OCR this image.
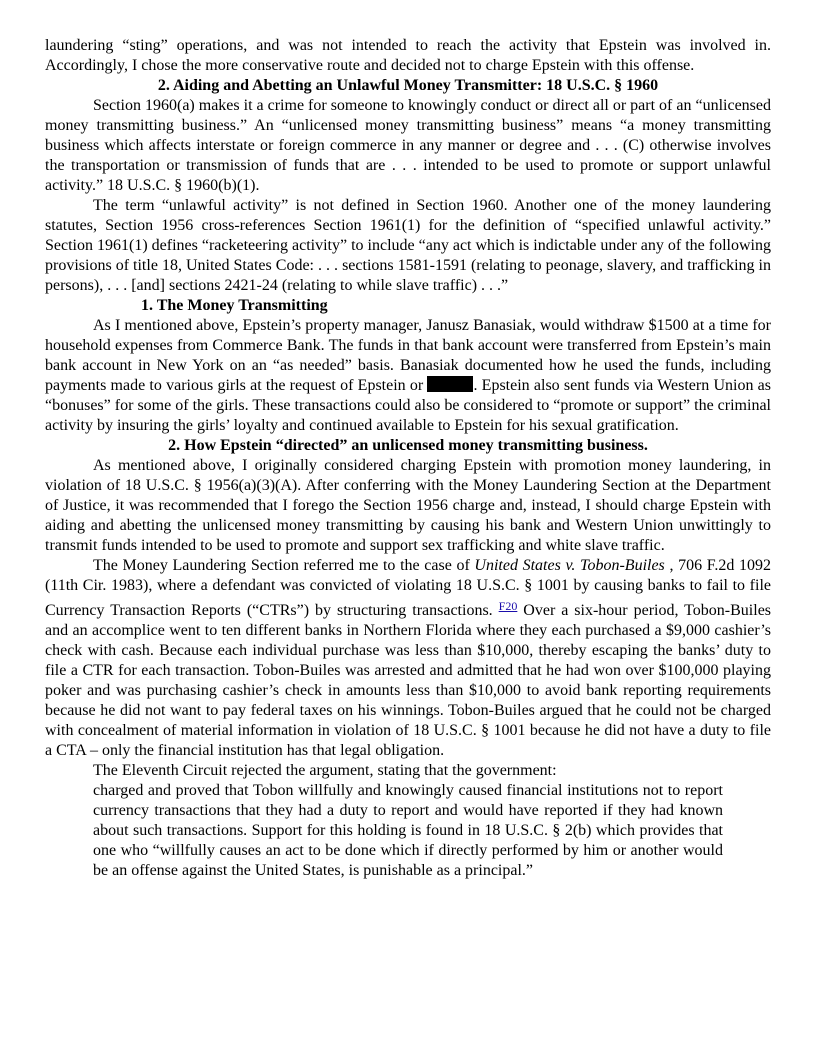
laundering “sting” operations, and was not intended to reach the activity that Epstein was involved in. Accordingly, I chose the more conservative route and decided not to charge Epstein with this offense.

2. Aiding and Abetting an Unlawful Money Transmitter: 18 U.S.C. § 1960

Section 1960(a) makes it a crime for someone to knowingly conduct or direct all or part of an “unlicensed money transmitting business.” An “unlicensed money transmitting business” means “a money transmitting business which affects interstate or foreign commerce in any manner or degree and . . . (C) otherwise involves the transportation or transmission of funds that are . . . intended to be used to promote or support unlawful activity.” 18 U.S.C. § 1960(b)(1).

The term “unlawful activity” is not defined in Section 1960. Another one of the money laundering statutes, Section 1956 cross-references Section 1961(1) for the definition of “specified unlawful activity.” Section 1961(1) defines “racketeering activity” to include “any act which is indictable under any of the following provisions of title 18, United States Code: . . . sections 1581-1591 (relating to peonage, slavery, and trafficking in persons), . . . [and] sections 2421-24 (relating to while slave traffic) . . .”

1. The Money Transmitting

As I mentioned above, Epstein’s property manager, Janusz Banasiak, would withdraw $1500 at a time for household expenses from Commerce Bank. The funds in that bank account were transferred from Epstein’s main bank account in New York on an “as needed” basis. Banasiak documented how he used the funds, including payments made to various girls at the request of Epstein or	. Epstein also sent funds via Western Union as “bonuses” for some of the girls. These transactions could also be considered to “promote or support” the criminal activity by insuring the girls’ loyalty and continued available to Epstein for his sexual gratification.

2. How Epstein “directed” an unlicensed money transmitting business.

As mentioned above, I originally considered charging Epstein with promotion money laundering, in violation of 18 U.S.C. § 1956(a)(3)(A). After conferring with the Money Laundering Section at the Department of Justice, it was recommended that I forego the Section 1956 charge and, instead, I should charge Epstein with aiding and abetting the unlicensed money transmitting by causing his bank and Western Union unwittingly to transmit funds intended to be used to promote and support sex trafficking and white slave traffic.

The Money Laundering Section referred me to the case of United States v. Tobon-Builes , 706 F.2d 1092 (11th Cir. 1983), where a defendant was convicted of violating 18 U.S.C. § 1001 by causing banks to fail to file Currency Transaction Reports (“CTRs”) by structuring transactions. $^{F20}$ Over a six-hour period, Tobon-Builes and an accomplice went to ten different banks in Northern Florida where they each purchased a $9,000 cashier’s check with cash. Because each individual purchase was less than $10,000, thereby escaping the banks’ duty to file a CTR for each transaction. Tobon-Builes was arrested and admitted that he had won over $100,000 playing poker and was purchasing cashier’s check in amounts less than $10,000 to avoid bank reporting requirements because he did not want to pay federal taxes on his winnings. Tobon-Builes argued that he could not be charged with concealment of material information in violation of 18 U.S.C. § 1001 because he did not have a duty to file a CTA – only the financial institution has that legal obligation.

The Eleventh Circuit rejected the argument, stating that the government:

charged and proved that Tobon willfully and knowingly caused financial institutions not to report currency transactions that they had a duty to report and would have reported if they had known about such transactions. Support for this holding is found in 18 U.S.C. § 2(b) which provides that one who “willfully causes an act to be done which if directly performed by him or another would be an offense against the United States, is punishable as a principal.”
